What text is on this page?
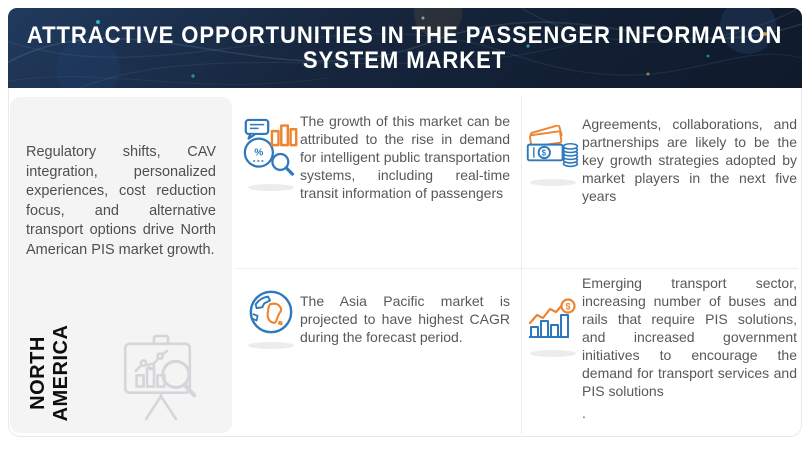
ATTRACTIVE OPPORTUNITIES IN THE PASSENGER INFORMATION
SYSTEM MARKET
Regulatory shifts, CAV integration, personalized experiences, cost reduction focus, and alternative transport options drive North American PIS market growth.
NORTH AMERICA
%
The growth of this market can be attributed to the rise in demand for intelligent public transportation systems, including real-time transit information of passengers
$
Agreements, collaborations, and partnerships are likely to be the key growth strategies adopted by market players in the next five years
The Asia Pacific market is projected to have highest CAGR during the forecast period.
$
Emerging transport sector, increasing number of buses and rails that require PIS solutions, and increased government initiatives to encourage the demand for transport services and PIS solutions
.
